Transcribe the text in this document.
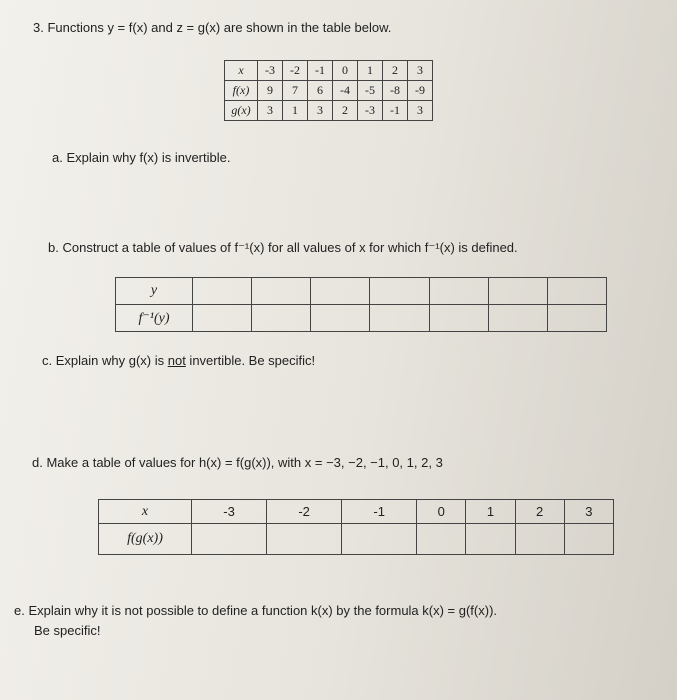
3. Functions y = f(x) and z = g(x) are shown in the table below.
x	-3	-2	-1	0	1	2	3
f(x)	9	7	6	-4	-5	-8	-9
g(x)	3	1	3	2	-3	-1	3
a. Explain why f(x) is invertible.
b. Construct a table of values of f⁻¹(x) for all values of x for which f⁻¹(x) is defined.
y							
f⁻¹(y)							
c. Explain why g(x) is not invertible. Be specific!
d. Make a table of values for h(x) = f(g(x)), with x = −3, −2, −1, 0, 1, 2, 3
x	-3	-2	-1	0	1	2	3
f(g(x))							
e. Explain why it is not possible to define a function k(x) by the formula k(x) = g(f(x)).
Be specific!
